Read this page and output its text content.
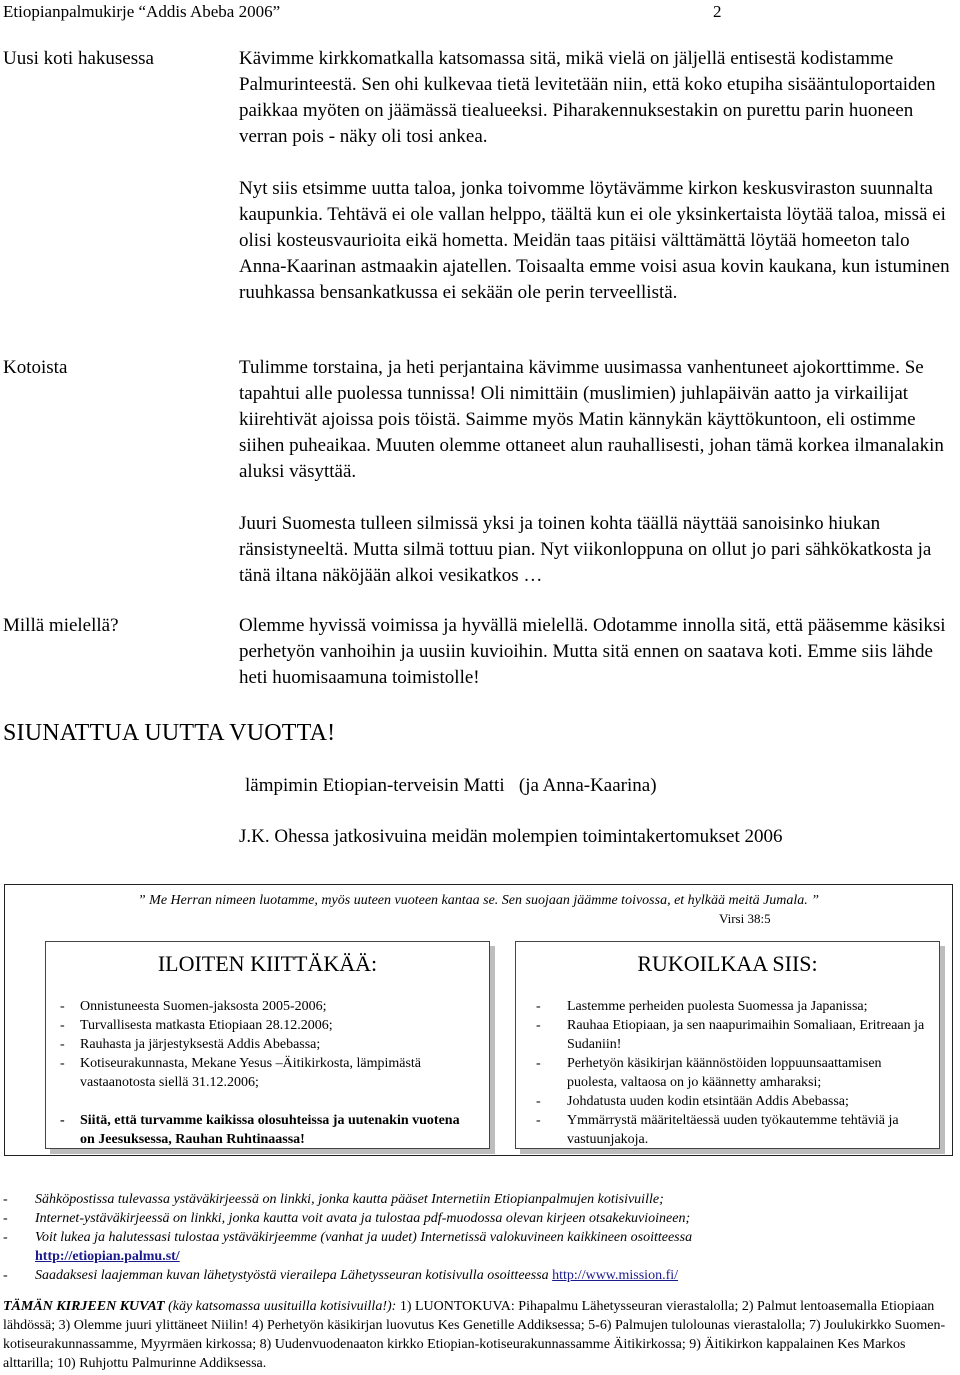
Etiopianpalmukirje “Addis Abeba 2006”	2
Uusi koti hakusessa	Kävimme kirkkomatkalla katsomassa sitä, mikä vielä on jäljellä entisestä kodistamme Palmurinteestä. Sen ohi kulkevaa tietä levitetään niin, että koko etupiha sisääntuloportaiden paikkaa myöten on jäämässä tiealueeksi. Piharakennuksestakin on purettu parin huoneen verran pois - näky oli tosi ankea.

Nyt siis etsimme uutta taloa, jonka toivomme löytävämme kirkon keskusviraston suunnalta kaupunkia. Tehtävä ei ole vallan helppo, täältä kun ei ole yksinkertaista löytää taloa, missä ei olisi kosteusvaurioita eikä hometta. Meidän taas pitäisi välttämättä löytää homeeton talo Anna-Kaarinan astmaakin ajatellen. Toisaalta emme voisi asua kovin kaukana, kun istuminen ruuhkassa bensankatkussa ei sekään ole perin terveellistä.

Kotoista	Tulimme torstaina, ja heti perjantaina kävimme uusimassa vanhentuneet ajokorttimme. Se tapahtui alle puolessa tunnissa! Oli nimittäin (muslimien) juhlapäivän aatto ja virkailijat kiirehtivät ajoissa pois töistä. Saimme myös Matin kännykän käyttökuntoon, eli ostimme siihen puheaikaa. Muuten olemme ottaneet alun rauhallisesti, johan tämä korkea ilmanalakin aluksi väsyttää.

Juuri Suomesta tulleen silmissä yksi ja toinen kohta täällä näyttää sanoisinko hiukan ränsistyneeltä. Mutta silmä tottuu pian. Nyt viikonloppuna on ollut jo pari sähkökatkosta ja tänä iltana näköjään alkoi vesikatkos …

Millä mielellä?	Olemme hyvissä voimissa ja hyvällä mielellä. Odotamme innolla sitä, että pääsemme käsiksi perhetyön vanhoihin ja uusiin kuvioihin. Mutta sitä ennen on saatava koti. Emme siis lähde heti huomisaamuna toimistolle!

SIUNATTUA UUTTA VUOTTA!
lämpimin Etiopian-terveisin Matti   (ja Anna-Kaarina)
J.K. Ohessa jatkosivuina meidän molempien toimintakertomukset 2006
” Me Herran nimeen luotamme, myös uuteen vuoteen kantaa se. Sen suojaan jäämme toivossa, et hylkää meitä Jumala. ”
Virsi 38:5
ILOITEN KIITTÄKÄÄ:
- Onnistuneesta Suomen-jaksosta 2005-2006;
- Turvallisesta matkasta Etiopiaan 28.12.2006;
- Rauhasta ja järjestyksestä Addis Abebassa;
- Kotiseurakunnasta, Mekane Yesus –Äitikirkosta, lämpimästä vastaanotosta siellä 31.12.2006;
- Siitä, että turvamme kaikissa olosuhteissa ja uutenakin vuotena on Jeesuksessa, Rauhan Ruhtinaassa!
RUKOILKAA SIIS:
- Lastemme perheiden puolesta Suomessa ja Japanissa;
- Rauhaa Etiopiaan, ja sen naapurimaihin Somaliaan, Eritreaan ja Sudaniin!
- Perhetyön käsikirjan käännöstöiden loppuunsaattamisen puolesta, valtaosa on jo käännetty amharaksi;
- Johdatusta uuden kodin etsintään Addis Abebassa;
- Ymmärrystä määriteltäessä uuden työkautemme tehtäviä ja vastuunjakoja.
- Sähköpostissa tulevassa ystäväkirjeessä on linkki, jonka kautta pääset Internetiin Etiopianpalmujen kotisivuille;
- Internet-ystäväkirjeessä on linkki, jonka kautta voit avata ja tulostaa pdf-muodossa olevan kirjeen otsakekuvioineen;
- Voit lukea ja halutessasi tulostaa ystäväkirjeemme (vanhat ja uudet) Internetissä valokuvineen kaikkineen osoitteessa
http://etiopian.palmu.st/
- Saadaksesi laajemman kuvan lähetystyöstä vierailepa Lähetysseuran kotisivulla osoitteessa http://www.mission.fi/

TÄMÄN KIRJEEN KUVAT (käy katsomassa uusituilla kotisivuilla!): 1) LUONTOKUVA: Pihapalmu Lähetysseuran vierastalolla; 2) Palmut lentoasemalla Etiopiaan lähdössä; 3) Olemme juuri ylittäneet Niilin! 4) Perhetyön käsikirjan luovutus Kes Genetille Addiksessa; 5-6) Palmujen tulolounas vierastalolla; 7) Joulukirkko Suomen-kotiseurakunnassamme, Myyrmäen kirkossa; 8) Uudenvuodenaaton kirkko Etiopian-kotiseurakunnassamme Äitikirkossa; 9) Äitikirkon kappalainen Kes Markos alttarilla; 10) Ruhjottu Palmurinne Addiksessa.
